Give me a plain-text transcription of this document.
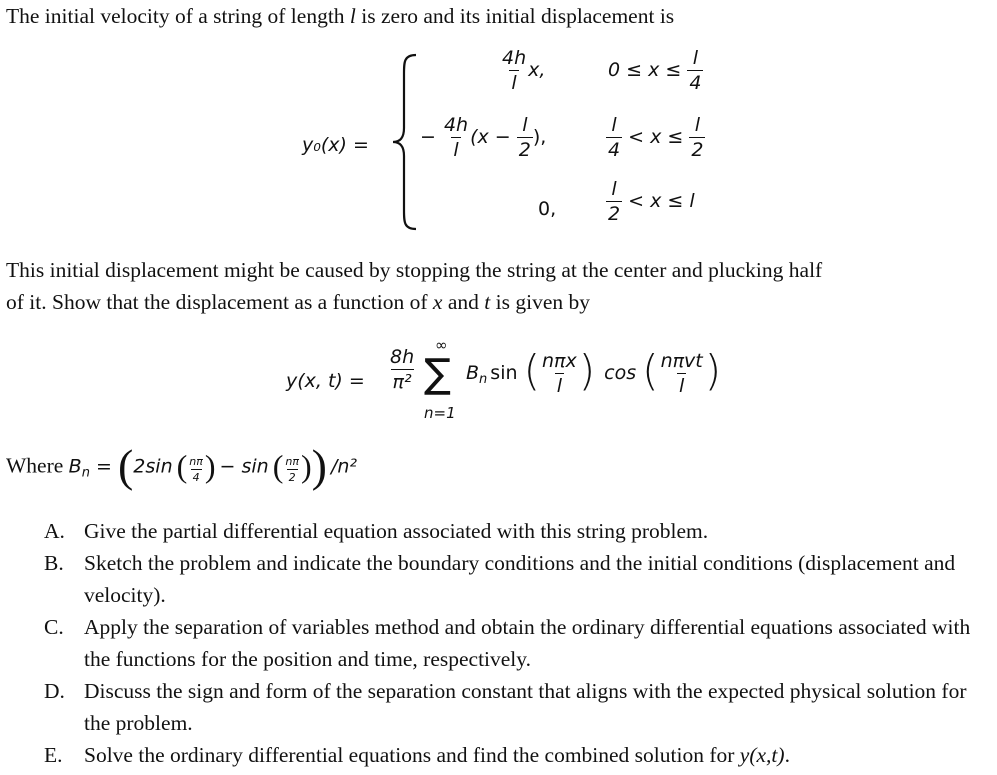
The initial velocity of a string of length l is zero and its initial displacement is
y₀(x) =
$\frac{4h}{l} x$,	$0 \le x \le \frac{l}{4}$
− $\frac{4h}{l} (x - \frac{l}{2}$ ),	$\frac{l}{4} < x \le \frac{l}{2}$
0,	$\frac{l}{2} < x \le l$
This initial displacement might be caused by stopping the string at the center and plucking half
of it. Show that the displacement as a function of x and t is given by
y(x, $t) = \frac{8h}{\text{π²}}$
∞
∑
n=1
$B_n$ sin ( $\frac{\text{nπx}}{l}$ ) cos ( $\frac{\text{nπvt}}{l}$ )
Where $B_n = (2\sin$ ( $\frac{n\pi}{4}$ ) − sin ( $\frac{n\pi}{2}$ )) /n²
A. Give the partial differential equation associated with this string problem.
B. Sketch the problem and indicate the boundary conditions and the initial conditions (displacement and velocity).
C. Apply the separation of variables method and obtain the ordinary differential equations associated with the functions for the position and time, respectively.
D. Discuss the sign and form of the separation constant that aligns with the expected physical solution for the problem.
E. Solve the ordinary differential equations and find the combined solution for y(x,t).
